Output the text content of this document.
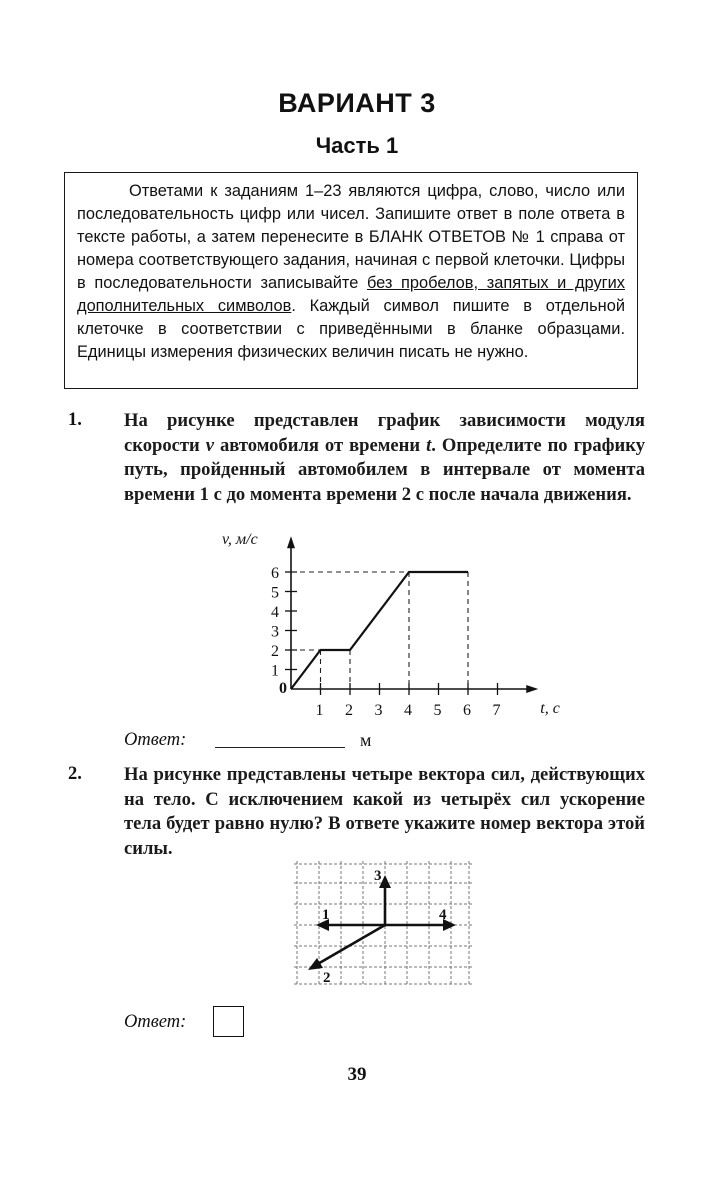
ВАРИАНТ 3
Часть 1

Ответами к заданиям 1–23 являются цифра, слово, число или последовательность цифр или чисел. Запишите ответ в поле ответа в тексте работы, а затем перенесите в БЛАНК ОТВЕТОВ № 1 справа от номера соответствующего задания, начиная с первой клеточки. Цифры в последовательности записывайте без пробелов, запятых и других дополнительных символов. Каждый символ пишите в отдельной клеточке в соответствии с приведёнными в бланке образцами. Единицы измерения физических величин писать не нужно.

1. На рисунке представлен график зависимости модуля скорости v автомобиля от времени t. Определите по графику путь, пройденный автомобилем в интервале от момента времени 1 с до момента времени 2 с после начала движения.
1
2
3
4
5
6
1 2 3 4 5 6 7
0
v, м/с
t, с
Ответ:	м
2. На рисунке представлены четыре вектора сил, действующих на тело. С исключением какой из четырёх сил ускорение тела будет равно нулю? В ответе укажите номер вектора этой силы.
1
2
3
4
Ответ:
39
